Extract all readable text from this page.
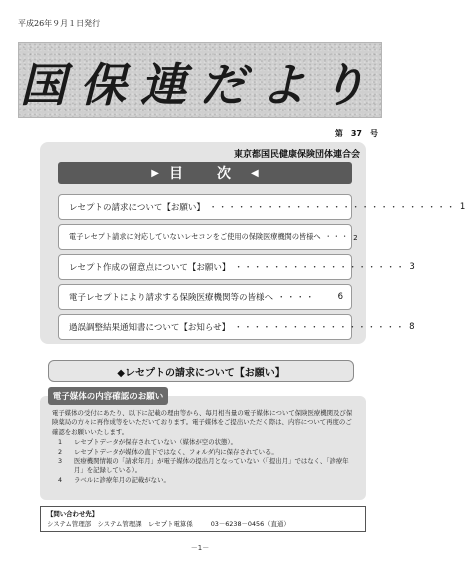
平成26年９月１日発行
国保連だより
第　37　号
東京都国民健康保険団体連合会
▶ 目　次 ◀
レセプトの請求について【お願い】 ・・・・・・・・・・・・・・・・・・・・・・・・・・ 1
電子レセプト請求に対応していないレセコンをご使用の保険医療機関の皆様へ ・・・ 2
レセプト作成の留意点について【お願い】 ・・・・・・・・・・・・・・・・・・ 3
電子レセプトにより請求する保険医療機関等の皆様へ ・・・・	6
過誤調整結果通知書について【お知らせ】 ・・・・・・・・・・・・・・・・・・ 8
◆レセプトの請求について【お願い】

電子媒体の受付にあたり、以下に記載の理由等から、毎月相当量の電子媒体について保険医療機関及び保険薬局の方々に再作成等をいただいております。電子媒体をご提出いただく際は、内容について再度のご確認をお願いいたします。

1	レセプトデータが保存されていない（媒体が空の状態）。
2	レセプトデータが媒体の直下ではなく、フォルダ内に保存されている。
3	医療機関情報の「請求年月」が電子媒体の提出月となっていない（「提出月」ではなく、「診療年月」を記録している）。
4	ラベルに診療年月の記載がない。
電子媒体の内容確認のお願い
【問い合わせ先】
システム管理部　システム管理課　レセプト電算係	03－6238－0456（直通）
－1－
